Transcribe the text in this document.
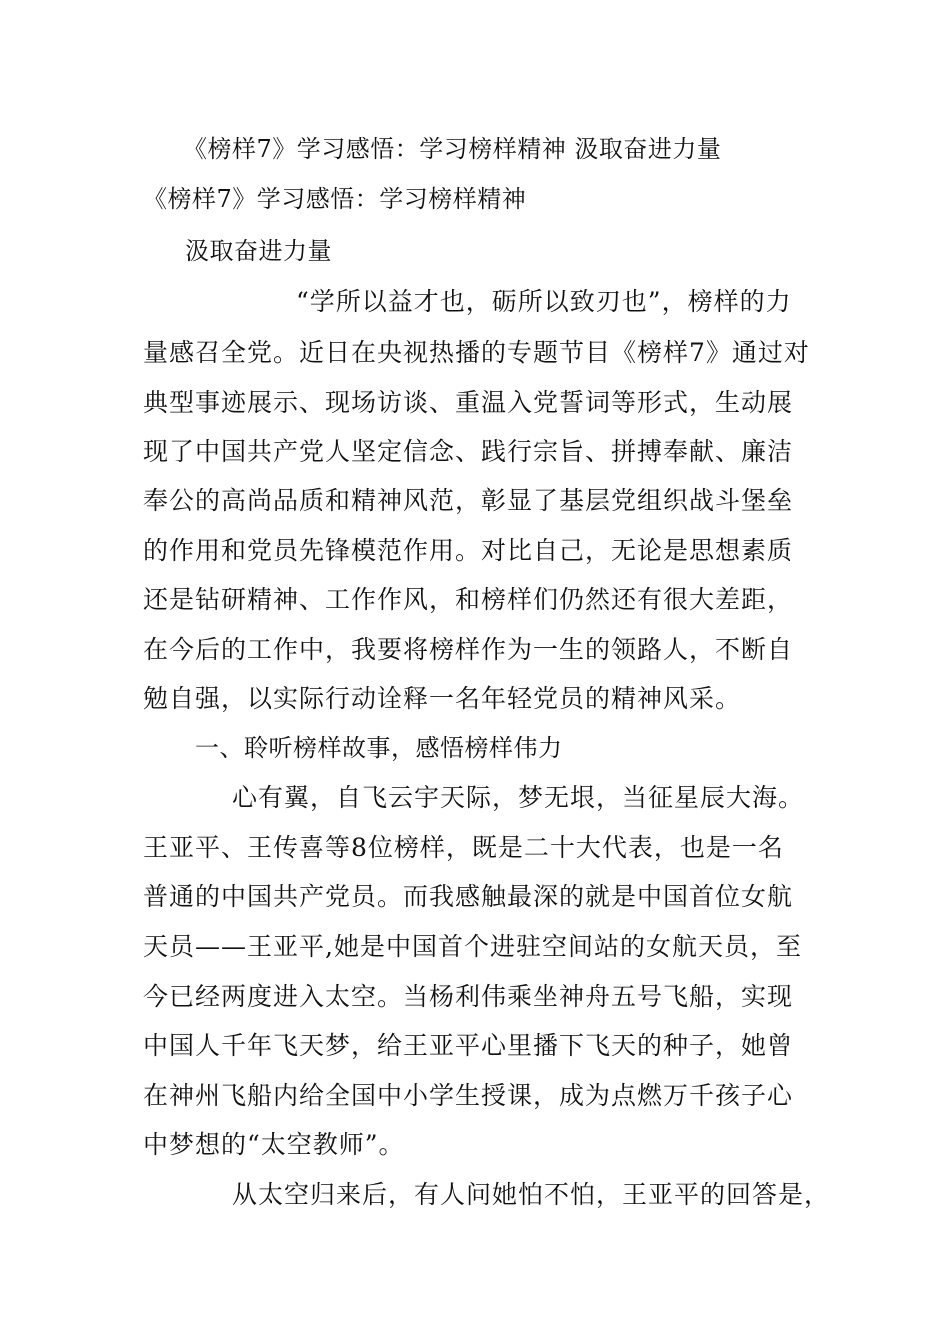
《榜样7》学习感悟：学习榜样精神 汲取奋进力量

《榜样7》学习感悟：学习榜样精神

汲取奋进力量

“学所以益才也，砺所以致刃也”，榜样的力

量感召全党。近日在央视热播的专题节目《榜样7》通过对

典型事迹展示、现场访谈、重温入党誓词等形式，生动展

现了中国共产党人坚定信念、践行宗旨、拼搏奉献、廉洁

奉公的高尚品质和精神风范，彰显了基层党组织战斗堡垒

的作用和党员先锋模范作用。对比自己，无论是思想素质

还是钻研精神、工作作风，和榜样们仍然还有很大差距，

在今后的工作中，我要将榜样作为一生的领路人，不断自

勉自强，以实际行动诠释一名年轻党员的精神风采。

一、聆听榜样故事，感悟榜样伟力

心有翼，自飞云宇天际，梦无垠，当征星辰大海。

王亚平、王传喜等8位榜样，既是二十大代表，也是一名

普通的中国共产党员。而我感触最深的就是中国首位女航

天员——王亚平,她是中国首个进驻空间站的女航天员，至

今已经两度进入太空。当杨利伟乘坐神舟五号飞船，实现

中国人千年飞天梦，给王亚平心里播下飞天的种子，她曾

在神州飞船内给全国中小学生授课，成为点燃万千孩子心

中梦想的“太空教师”。

从太空归来后，有人问她怕不怕，王亚平的回答是，
